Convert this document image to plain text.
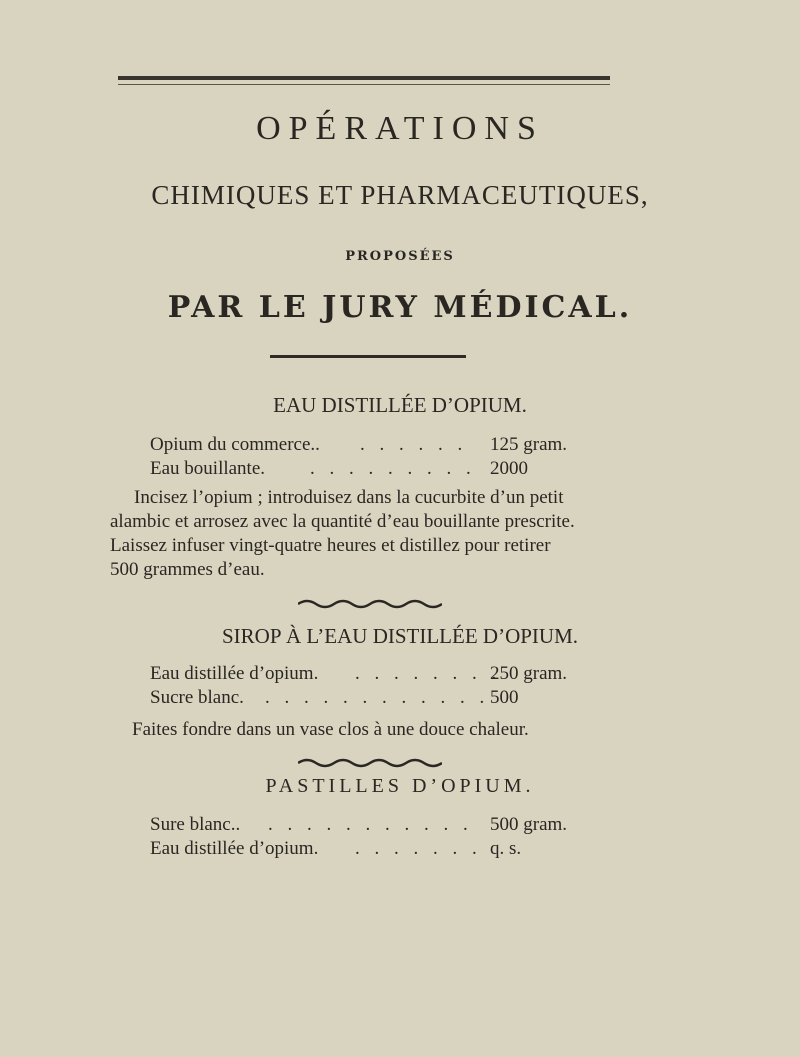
OPÉRATIONS
CHIMIQUES ET PHARMACEUTIQUES,
PROPOSÉES
PAR LE JURY MÉDICAL.
EAU DISTILLÉE D’OPIUM.
Opium du commerce.. . . . . . . 125 gram.
Eau bouillante. . . . . . . . . . 2000
Incisez l’opium ; introduisez dans la cucurbite d’un petit
alambic et arrosez avec la quantité d’eau bouillante prescrite.
Laissez infuser vingt-quatre heures et distillez pour retirer
500 grammes d’eau.
SIROP À L’EAU DISTILLÉE D’OPIUM.
Eau distillée d’opium. . . . . . . . .
250 gram.
Sucre blanc. . . . . . . . . . . . . 500
Faites fondre dans un vase clos à une douce chaleur.
PASTILLES D’OPIUM.
Sure blanc.. . . . . . . . . . . . 500 gram.
Eau distillée d’opium. . . . . . . . q. s.
